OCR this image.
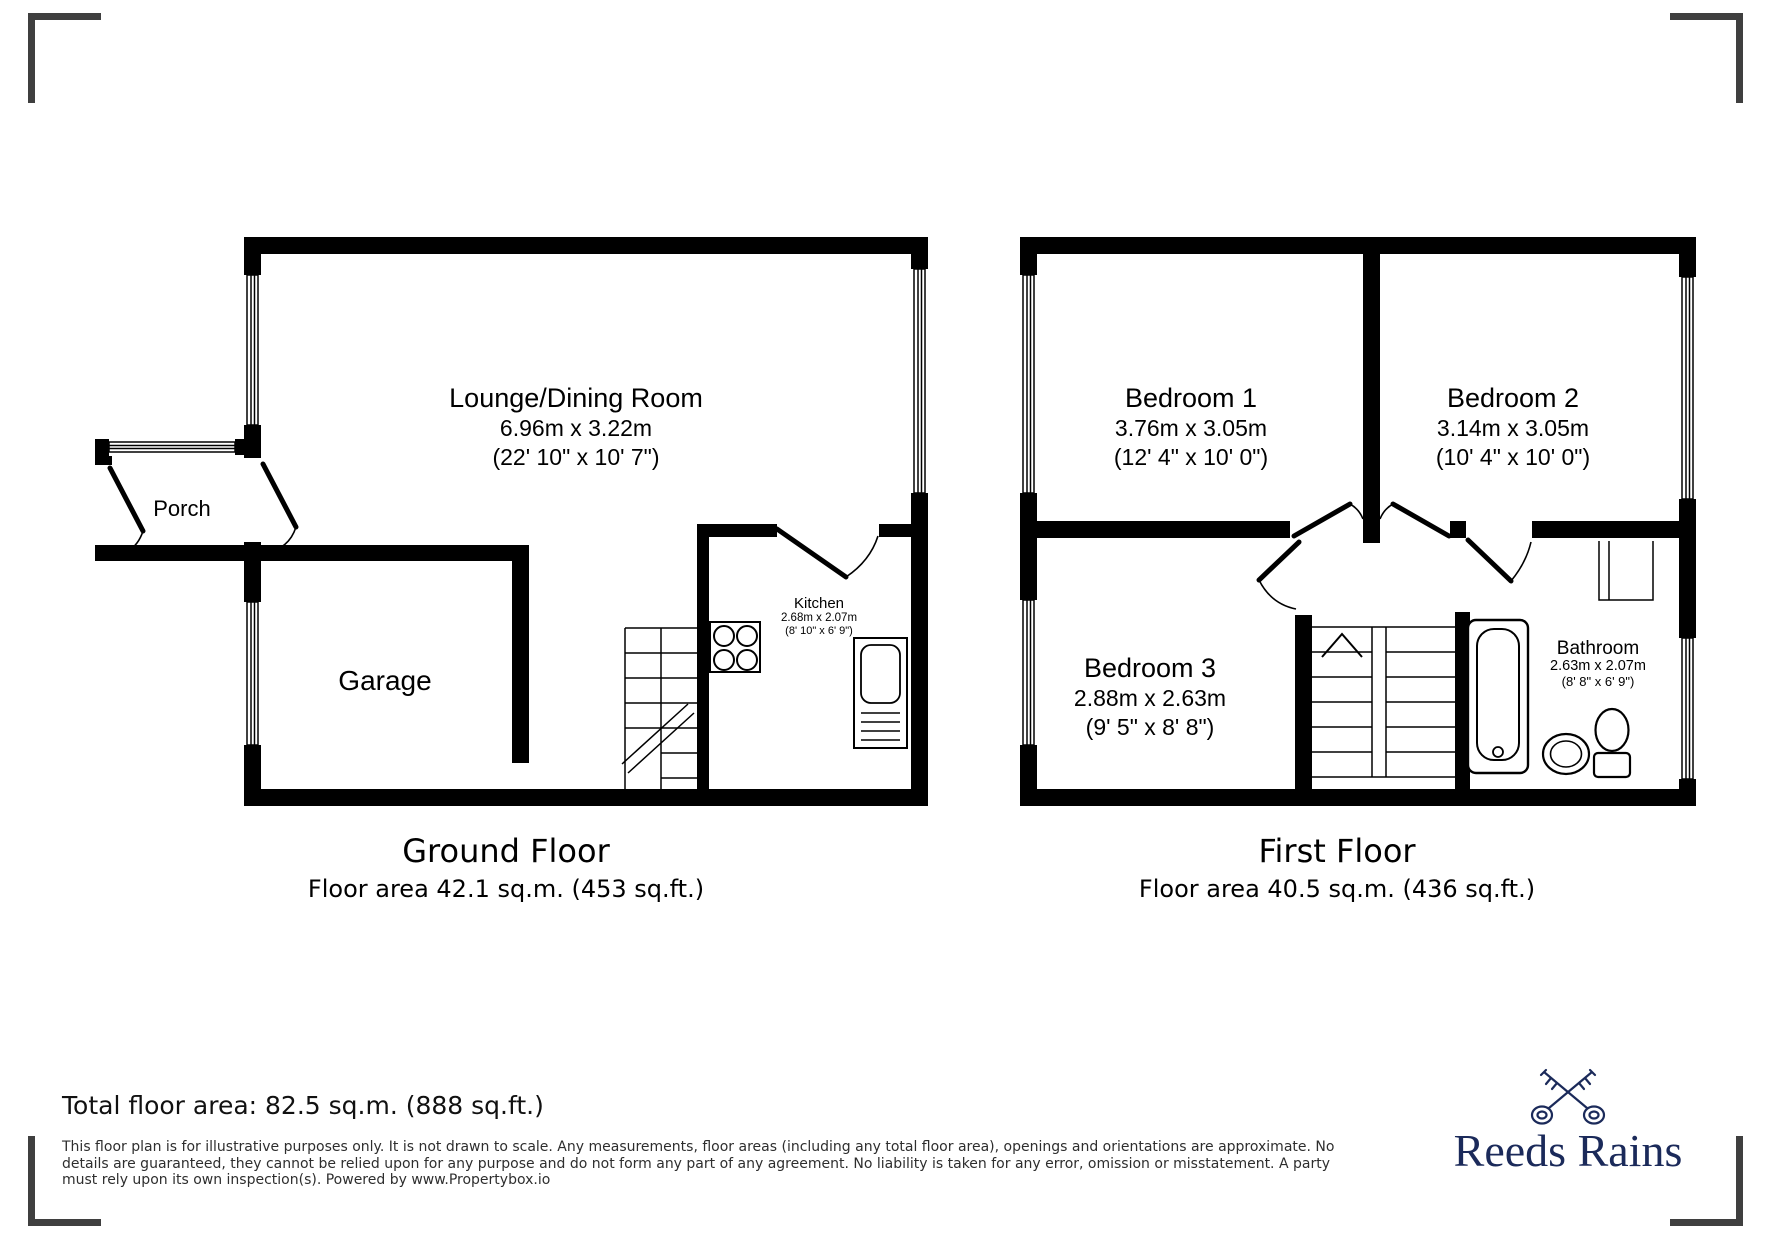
Lounge/Dining Room
6.96m x 3.22m
(22' 10" x 10' 7")
Porch
Garage
Kitchen
2.68m x 2.07m
(8' 10" x 6' 9")
Bedroom 1
3.76m x 3.05m
(12' 4" x 10' 0")
Bedroom 2
3.14m x 3.05m
(10' 4" x 10' 0")
Bedroom 3
2.88m x 2.63m
(9' 5" x 8' 8")
Bathroom
2.63m x 2.07m
(8' 8" x 6' 9")
Ground Floor
Floor area 42.1 sq.m. (453 sq.ft.)
First Floor
Floor area 40.5 sq.m. (436 sq.ft.)
Total floor area: 82.5 sq.m. (888 sq.ft.)
This floor plan is for illustrative purposes only. It is not drawn to scale. Any measurements, floor areas (including any total floor area), openings and orientations are approximate. No
details are guaranteed, they cannot be relied upon for any purpose and do not form any part of any agreement. No liability is taken for any error, omission or misstatement. A party
must rely upon its own inspection(s). Powered by www.Propertybox.io
Reeds Rains
